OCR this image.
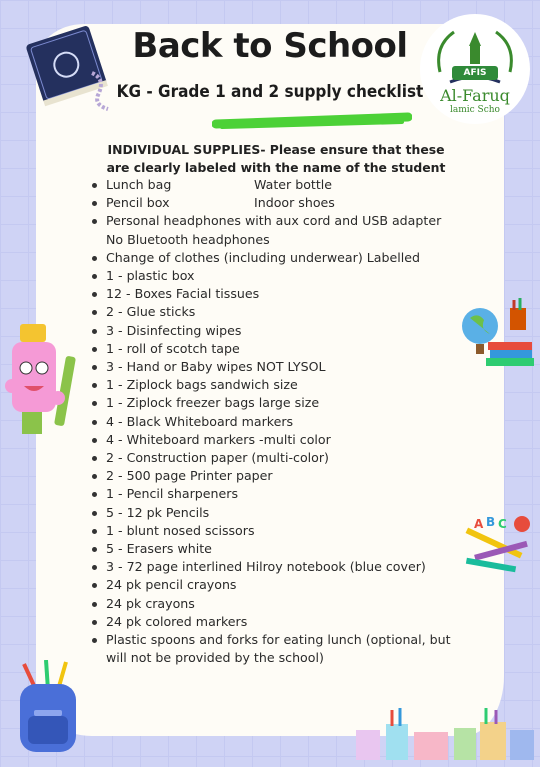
Back to School
KG - Grade 1 and 2 supply checklist
AFIS
Al-Faruq
lamic Scho
INDIVIDUAL SUPPLIES- Please ensure that these are clearly labeled with the name of the student
Lunch bag	Water bottle
Pencil box	Indoor shoes
Personal headphones with aux cord and USB adapter No Bluetooth headphones
Change of clothes (including underwear) Labelled
1 - plastic box
12 - Boxes Facial tissues
2 - Glue sticks
3 - Disinfecting wipes
1 - roll of scotch tape
3 - Hand or Baby wipes NOT LYSOL
1 - Ziplock bags sandwich size
1 - Ziplock freezer bags large size
4 - Black Whiteboard markers
4 - Whiteboard markers -multi color
2 - Construction paper (multi-color)
2 - 500 page Printer paper
1 - Pencil sharpeners
5 - 12 pk Pencils
1 - blunt nosed scissors
5 - Erasers white
3 - 72 page interlined Hilroy notebook (blue cover)
24 pk pencil crayons
24 pk crayons
24 pk colored markers
Plastic spoons and forks for eating lunch (optional, but will not be provided by the school)
A B C
